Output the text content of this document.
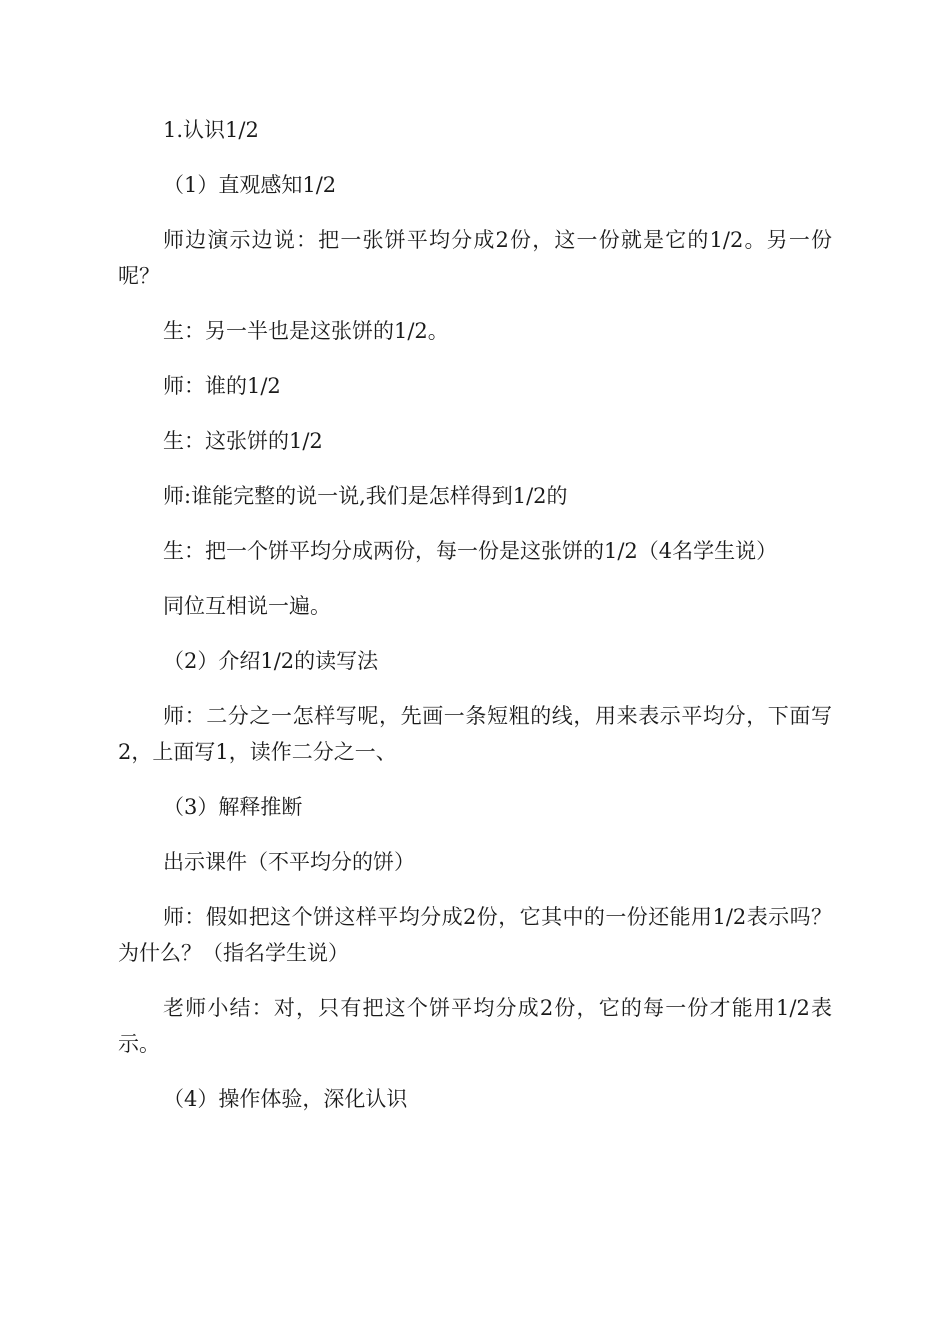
1.认识1/2

（1）直观感知1/2

师边演示边说：把一张饼平均分成2份，这一份就是它的1/2。另一份呢？

生：另一半也是这张饼的1/2。

师：谁的1/2

生：这张饼的1/2

师:谁能完整的说一说,我们是怎样得到1/2的

生：把一个饼平均分成两份，每一份是这张饼的1/2（4名学生说）

同位互相说一遍。

（2）介绍1/2的读写法

师：二分之一怎样写呢，先画一条短粗的线，用来表示平均分，下面写2，上面写1，读作二分之一、

（3）解释推断

出示课件（不平均分的饼）

师：假如把这个饼这样平均分成2份，它其中的一份还能用1/2表示吗？为什么？（指名学生说）

老师小结：对，只有把这个饼平均分成2份，它的每一份才能用1/2表示。

（4）操作体验，深化认识
